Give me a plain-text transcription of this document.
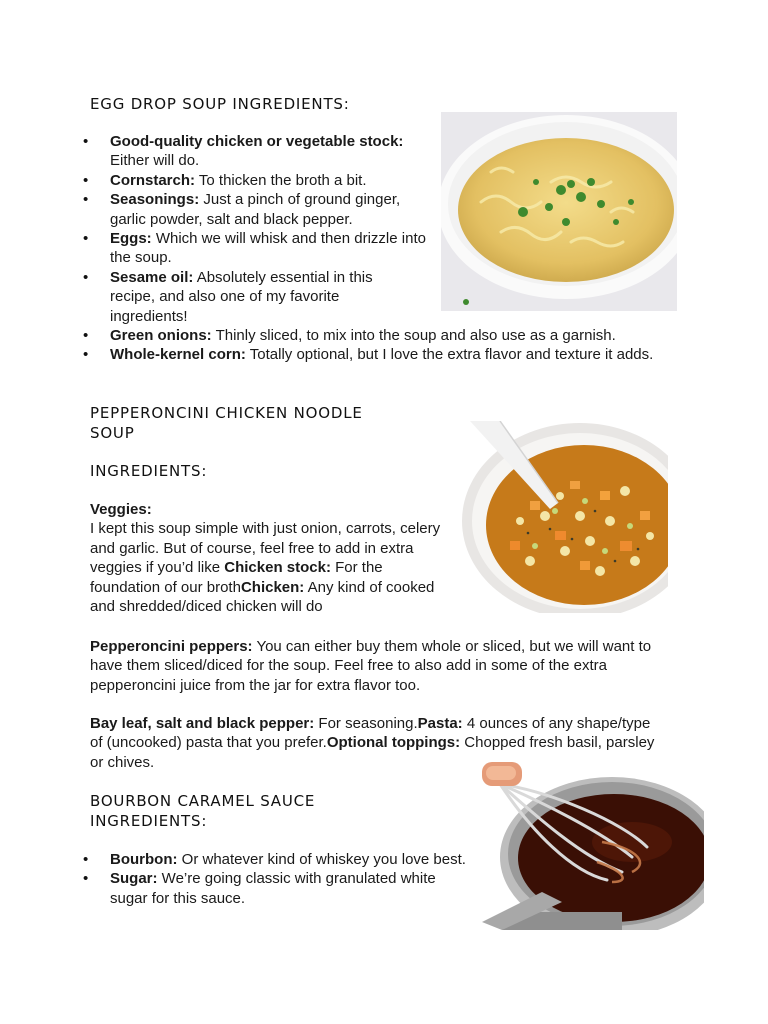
EGG DROP SOUP INGREDIENTS:
• Good-quality chicken or vegetable stock: Either will do.
• Cornstarch: To thicken the broth a bit.
• Seasonings: Just a pinch of ground ginger, garlic powder, salt and black pepper.
• Eggs: Which we will whisk and then drizzle into the soup.
• Sesame oil: Absolutely essential in this recipe, and also one of my favorite ingredients!
• Green onions: Thinly sliced, to mix into the soup and also use as a garnish.
• Whole-kernel corn: Totally optional, but I love the extra flavor and texture it adds.
PEPPERONCINI CHICKEN NOODLE
SOUP
INGREDIENTS:
Veggies:
I kept this soup simple with just onion, carrots, celery and garlic. But of course, feel free to add in extra veggies if you’d like Chicken stock: For the foundation of our brothChicken: Any kind of cooked and shredded/diced chicken will do
Pepperoncini peppers: You can either buy them whole or sliced, but we will want to have them sliced/diced for the soup. Feel free to also add in some of the extra pepperoncini juice from the jar for extra flavor too.
Bay leaf, salt and black pepper: For seasoning.Pasta: 4 ounces of any shape/type of (uncooked) pasta that you prefer.Optional toppings: Chopped fresh basil, parsley or chives.
BOURBON CARAMEL SAUCE
INGREDIENTS:
• Bourbon: Or whatever kind of whiskey you love best.
• Sugar: We’re going classic with granulated white sugar for this sauce.
